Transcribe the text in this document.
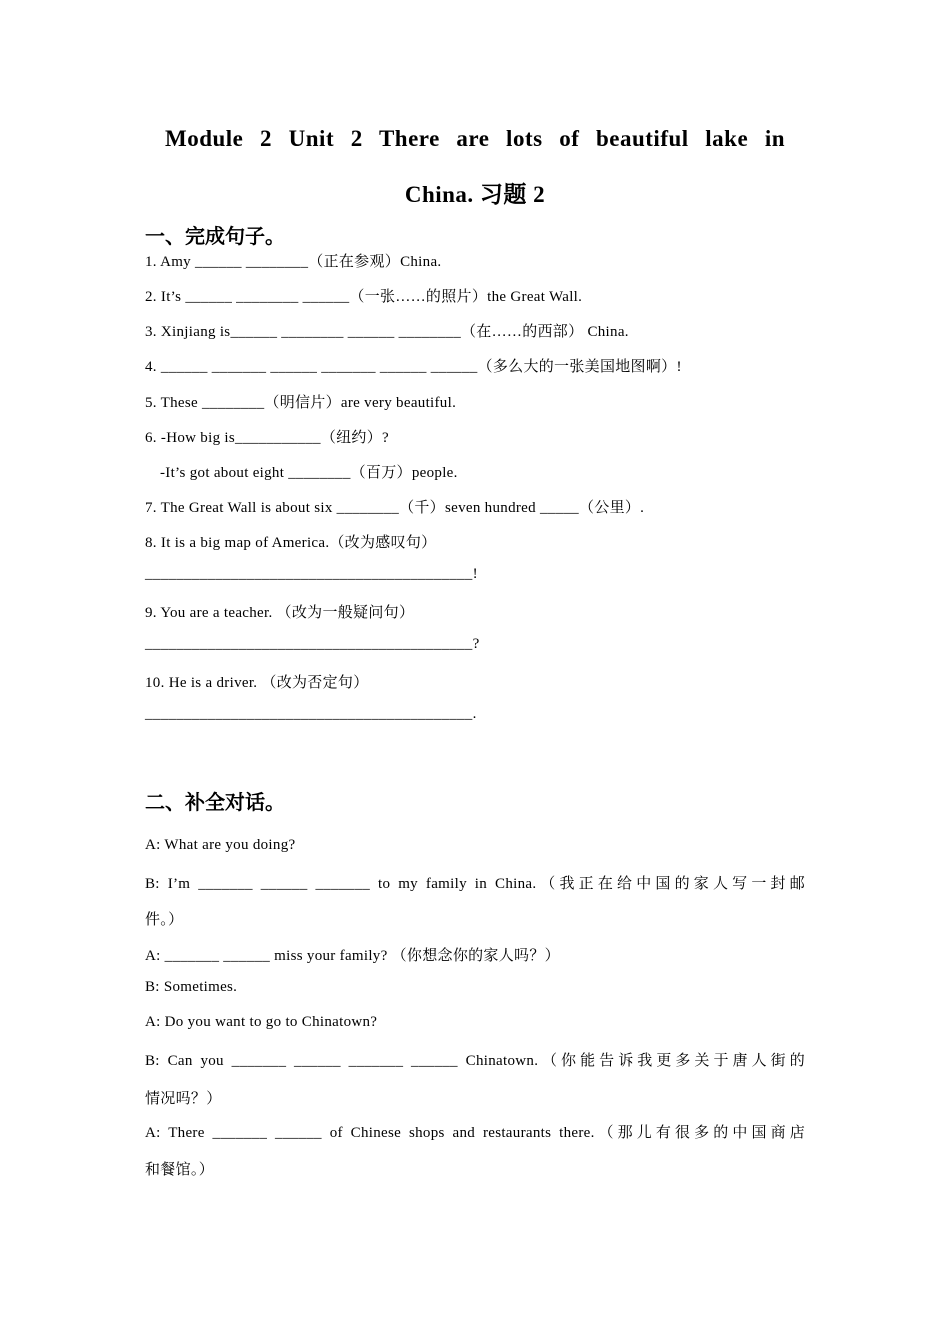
Module 2 Unit 2 There are lots of beautiful lake in
China. 习题 2
一、完成句子。
1. Amy ______ ________（正在参观）China.
2. It’s ______ ________ ______（一张……的照片）the Great Wall.
3. Xinjiang is______ ________ ______ ________（在……的西部） China.
4. ______ _______ ______ _______ ______ ______（多么大的一张美国地图啊）!
5. These ________（明信片）are very beautiful.
6. -How big is___________（纽约）?
-It’s got about eight ________（百万）people.
7. The Great Wall is about six ________（千）seven hundred _____（公里）.
8. It is a big map of America.（改为感叹句）
__________________________________________!
9. You are a teacher. （改为一般疑问句）
__________________________________________?
10. He is a driver. （改为否定句）
__________________________________________.
二、补全对话。
A: What are you doing?
B: I’m _______ ______ _______ to my family in China.（我正在给中国的家人写一封邮
件。）
A: _______ ______ miss your family? （你想念你的家人吗？）
B: Sometimes.
A: Do you want to go to Chinatown?
B: Can you _______ ______ _______ ______ Chinatown.（你能告诉我更多关于唐人街的
情况吗？）
A: There _______ ______ of Chinese shops and restaurants there.（那儿有很多的中国商店
和餐馆。）
